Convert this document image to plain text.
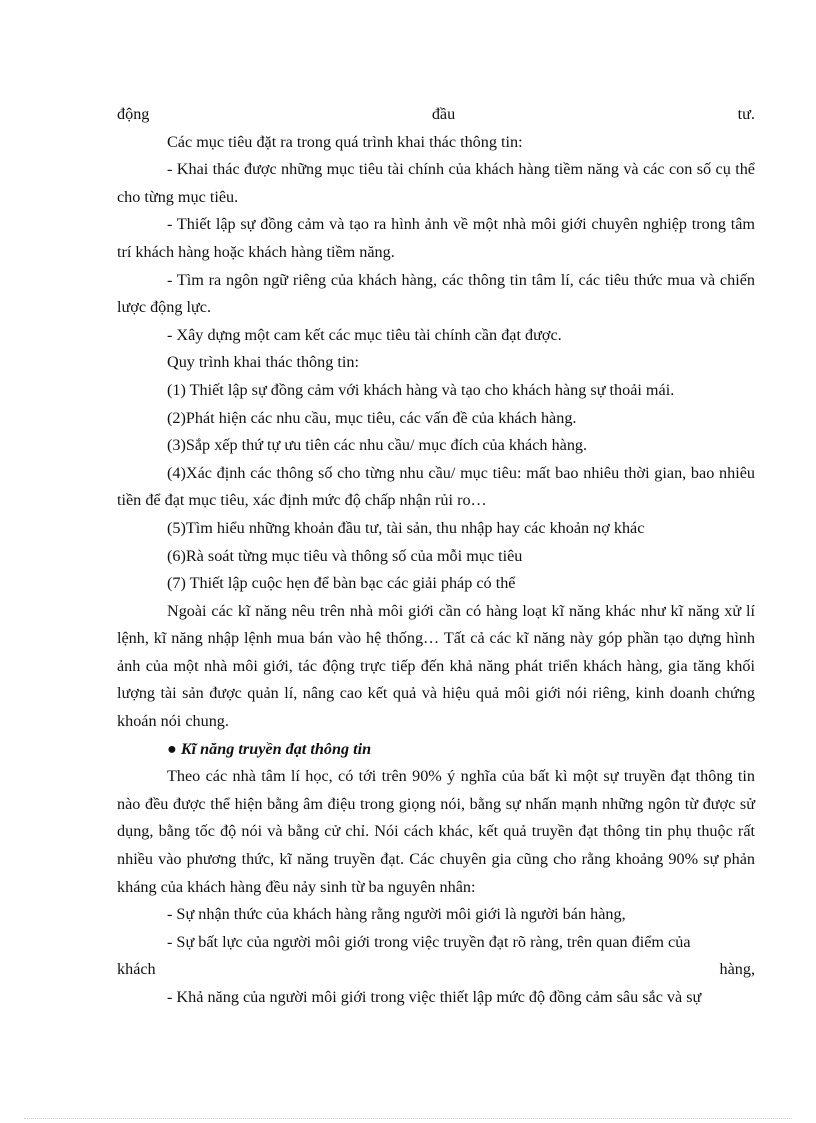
động	đầu	tư.
Các mục tiêu đặt ra trong quá trình khai thác thông tin:
- Khai thác được những mục tiêu tài chính của khách hàng tiềm năng và các con số cụ thể cho từng mục tiêu.
- Thiết lập sự đồng cảm và tạo ra hình ảnh về một nhà môi giới chuyên nghiệp trong tâm trí khách hàng hoặc khách hàng tiềm năng.
- Tìm ra ngôn ngữ riêng của khách hàng, các thông tin tâm lí, các tiêu thức mua và chiến lược động lực.
- Xây dựng một cam kết các mục tiêu tài chính cần đạt được.
Quy trình khai thác thông tin:
(1) Thiết lập sự đồng cảm với khách hàng và tạo cho khách hàng sự thoải mái.
(2)Phát hiện các nhu cầu, mục tiêu, các vấn đề của khách hàng.
(3)Sắp xếp thứ tự ưu tiên các nhu cầu/ mục đích của khách hàng.
(4)Xác định các thông số cho từng nhu cầu/ mục tiêu: mất bao nhiêu thời gian, bao nhiêu tiền để đạt mục tiêu, xác định mức độ chấp nhận rủi ro…
(5)Tìm hiểu những khoản đầu tư, tài sản, thu nhập hay các khoản nợ khác
(6)Rà soát từng mục tiêu và thông số của mỗi mục tiêu
(7) Thiết lập cuộc hẹn để bàn bạc các giải pháp có thể
Ngoài các kĩ năng nêu trên nhà môi giới cần có hàng loạt kĩ năng khác như kĩ năng xử lí lệnh, kĩ năng nhập lệnh mua bán vào hệ thống… Tất cả các kĩ năng này góp phần tạo dựng hình ảnh của một nhà môi giới, tác động trực tiếp đến khả năng phát triển khách hàng, gia tăng khối lượng tài sản được quản lí, nâng cao kết quả và hiệu quả môi giới nói riêng, kinh doanh chứng khoán nói chung.
● Kĩ năng truyền đạt thông tin
Theo các nhà tâm lí học, có tới trên 90% ý nghĩa của bất kì một sự truyền đạt thông tin nào đều được thể hiện bằng âm điệu trong giọng nói, bằng sự nhấn mạnh những ngôn từ được sử dụng, bằng tốc độ nói và bằng cử chỉ. Nói cách khác, kết quả truyền đạt thông tin phụ thuộc rất nhiều vào phương thức, kĩ năng truyền đạt. Các chuyên gia cũng cho rằng khoảng 90% sự phản kháng của khách hàng đều nảy sinh từ ba nguyên nhân:
- Sự nhận thức của khách hàng rằng người môi giới là người bán hàng,
- Sự bất lực của người môi giới trong việc truyền đạt rõ ràng, trên quan điểm của
khách	hàng,
- Khả năng của người môi giới trong việc thiết lập mức độ đồng cảm sâu sắc và sự
